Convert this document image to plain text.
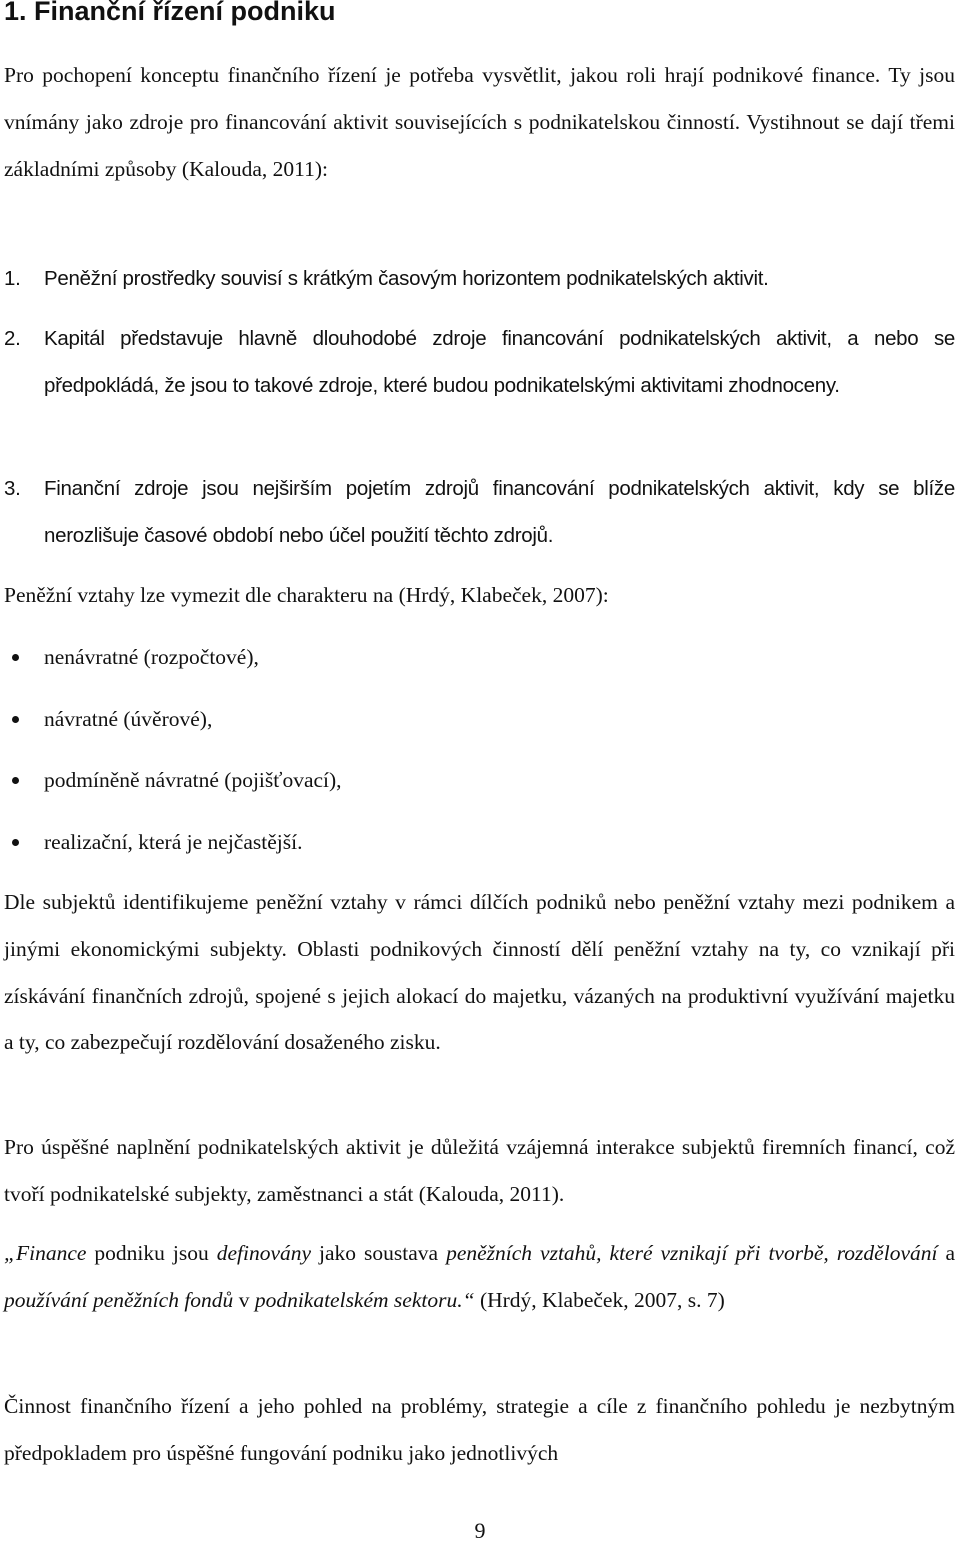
1. Finanční řízení podniku

Pro pochopení konceptu finančního řízení je potřeba vysvětlit, jakou roli hrají podnikové finance. Ty jsou vnímány jako zdroje pro financování aktivit souvisejících s podnikatelskou činností. Vystihnout se dají třemi základními způsoby (Kalouda, 2011):

1. Peněžní prostředky souvisí s krátkým časovým horizontem podnikatelských aktivit.
2. Kapitál představuje hlavně dlouhodobé zdroje financování podnikatelských aktivit, a nebo se předpokládá, že jsou to takové zdroje, které budou podnikatelskými aktivitami zhodnoceny.
3. Finanční zdroje jsou nejširším pojetím zdrojů financování podnikatelských aktivit, kdy se blíže nerozlišuje časové období nebo účel použití těchto zdrojů.

Peněžní vztahy lze vymezit dle charakteru na (Hrdý, Klabeček, 2007):

nenávratné (rozpočtové),
návratné (úvěrové),
podmíněně návratné (pojišťovací),
realizační, která je nejčastější.

Dle subjektů identifikujeme peněžní vztahy v rámci dílčích podniků nebo peněžní vztahy mezi podnikem a jinými ekonomickými subjekty. Oblasti podnikových činností dělí peněžní vztahy na ty, co vznikají při získávání finančních zdrojů, spojené s jejich alokací do majetku, vázaných na produktivní využívání majetku a ty, co zabezpečují rozdělování dosaženého zisku.

Pro úspěšné naplnění podnikatelských aktivit je důležitá vzájemná interakce subjektů firemních financí, což tvoří podnikatelské subjekty, zaměstnanci a stát (Kalouda, 2011).

„Finance podniku jsou definovány jako soustava peněžních vztahů, které vznikají při tvorbě, rozdělování a používání peněžních fondů v podnikatelském sektoru.“ (Hrdý, Klabeček, 2007, s. 7)

Činnost finančního řízení a jeho pohled na problémy, strategie a cíle z finančního pohledu je nezbytným předpokladem pro úspěšné fungování podniku jako jednotlivých

9
